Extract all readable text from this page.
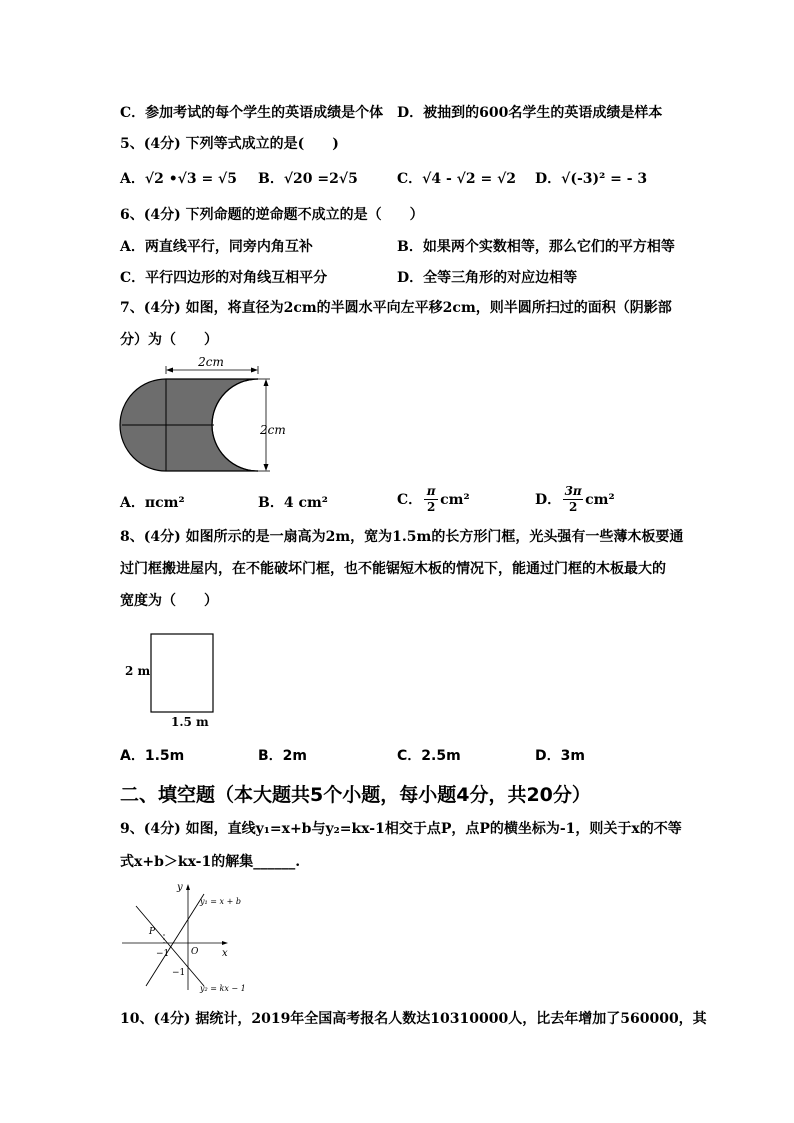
C．参加考试的每个学生的英语成绩是个体 D．被抽到的600名学生的英语成绩是样本
5、(4分) 下列等式成立的是(　　)
A．√2 •√3 = √5 B．√20 =2√5	C．√4 - √2 = √2 D．√(-3)² = - 3
6、(4分) 下列命题的逆命题不成立的是（　　）
A．两直线平行，同旁内角互补	B．如果两个实数相等，那么它们的平方相等
C．平行四边形的对角线互相平分	D．全等三角形的对应边相等
7、(4分) 如图，将直径为2cm的半圆水平向左平移2cm，则半圆所扫过的面积（阴影部
分）为（　　）
2cm
2cm
A．πcm²	B．4 cm²	C． $\frac{\pi}{2} cm^2$	D． $\frac{3\pi}{2} cm^2$
8、(4分) 如图所示的是一扇高为2m，宽为1.5m的长方形门框，光头强有一些薄木板要通
过门框搬进屋内，在不能破坏门框，也不能锯短木板的情况下，能通过门框的木板最大的
宽度为（　　）
2 m
1.5 m
A．1.5m	B．2m	C．2.5m	D．3m
二、填空题（本大题共5个小题，每小题4分，共20分）
9、(4分) 如图，直线y₁=x+b与y₂=kx-1相交于点P，点P的横坐标为-1，则关于x的不等
式x+b＞kx-1的解集______.
y
x
O
P
−1
−1
y₁ = x + b
y₂ = kx − 1
10、(4分) 据统计，2019年全国高考报名人数达10310000人，比去年增加了560000，其
